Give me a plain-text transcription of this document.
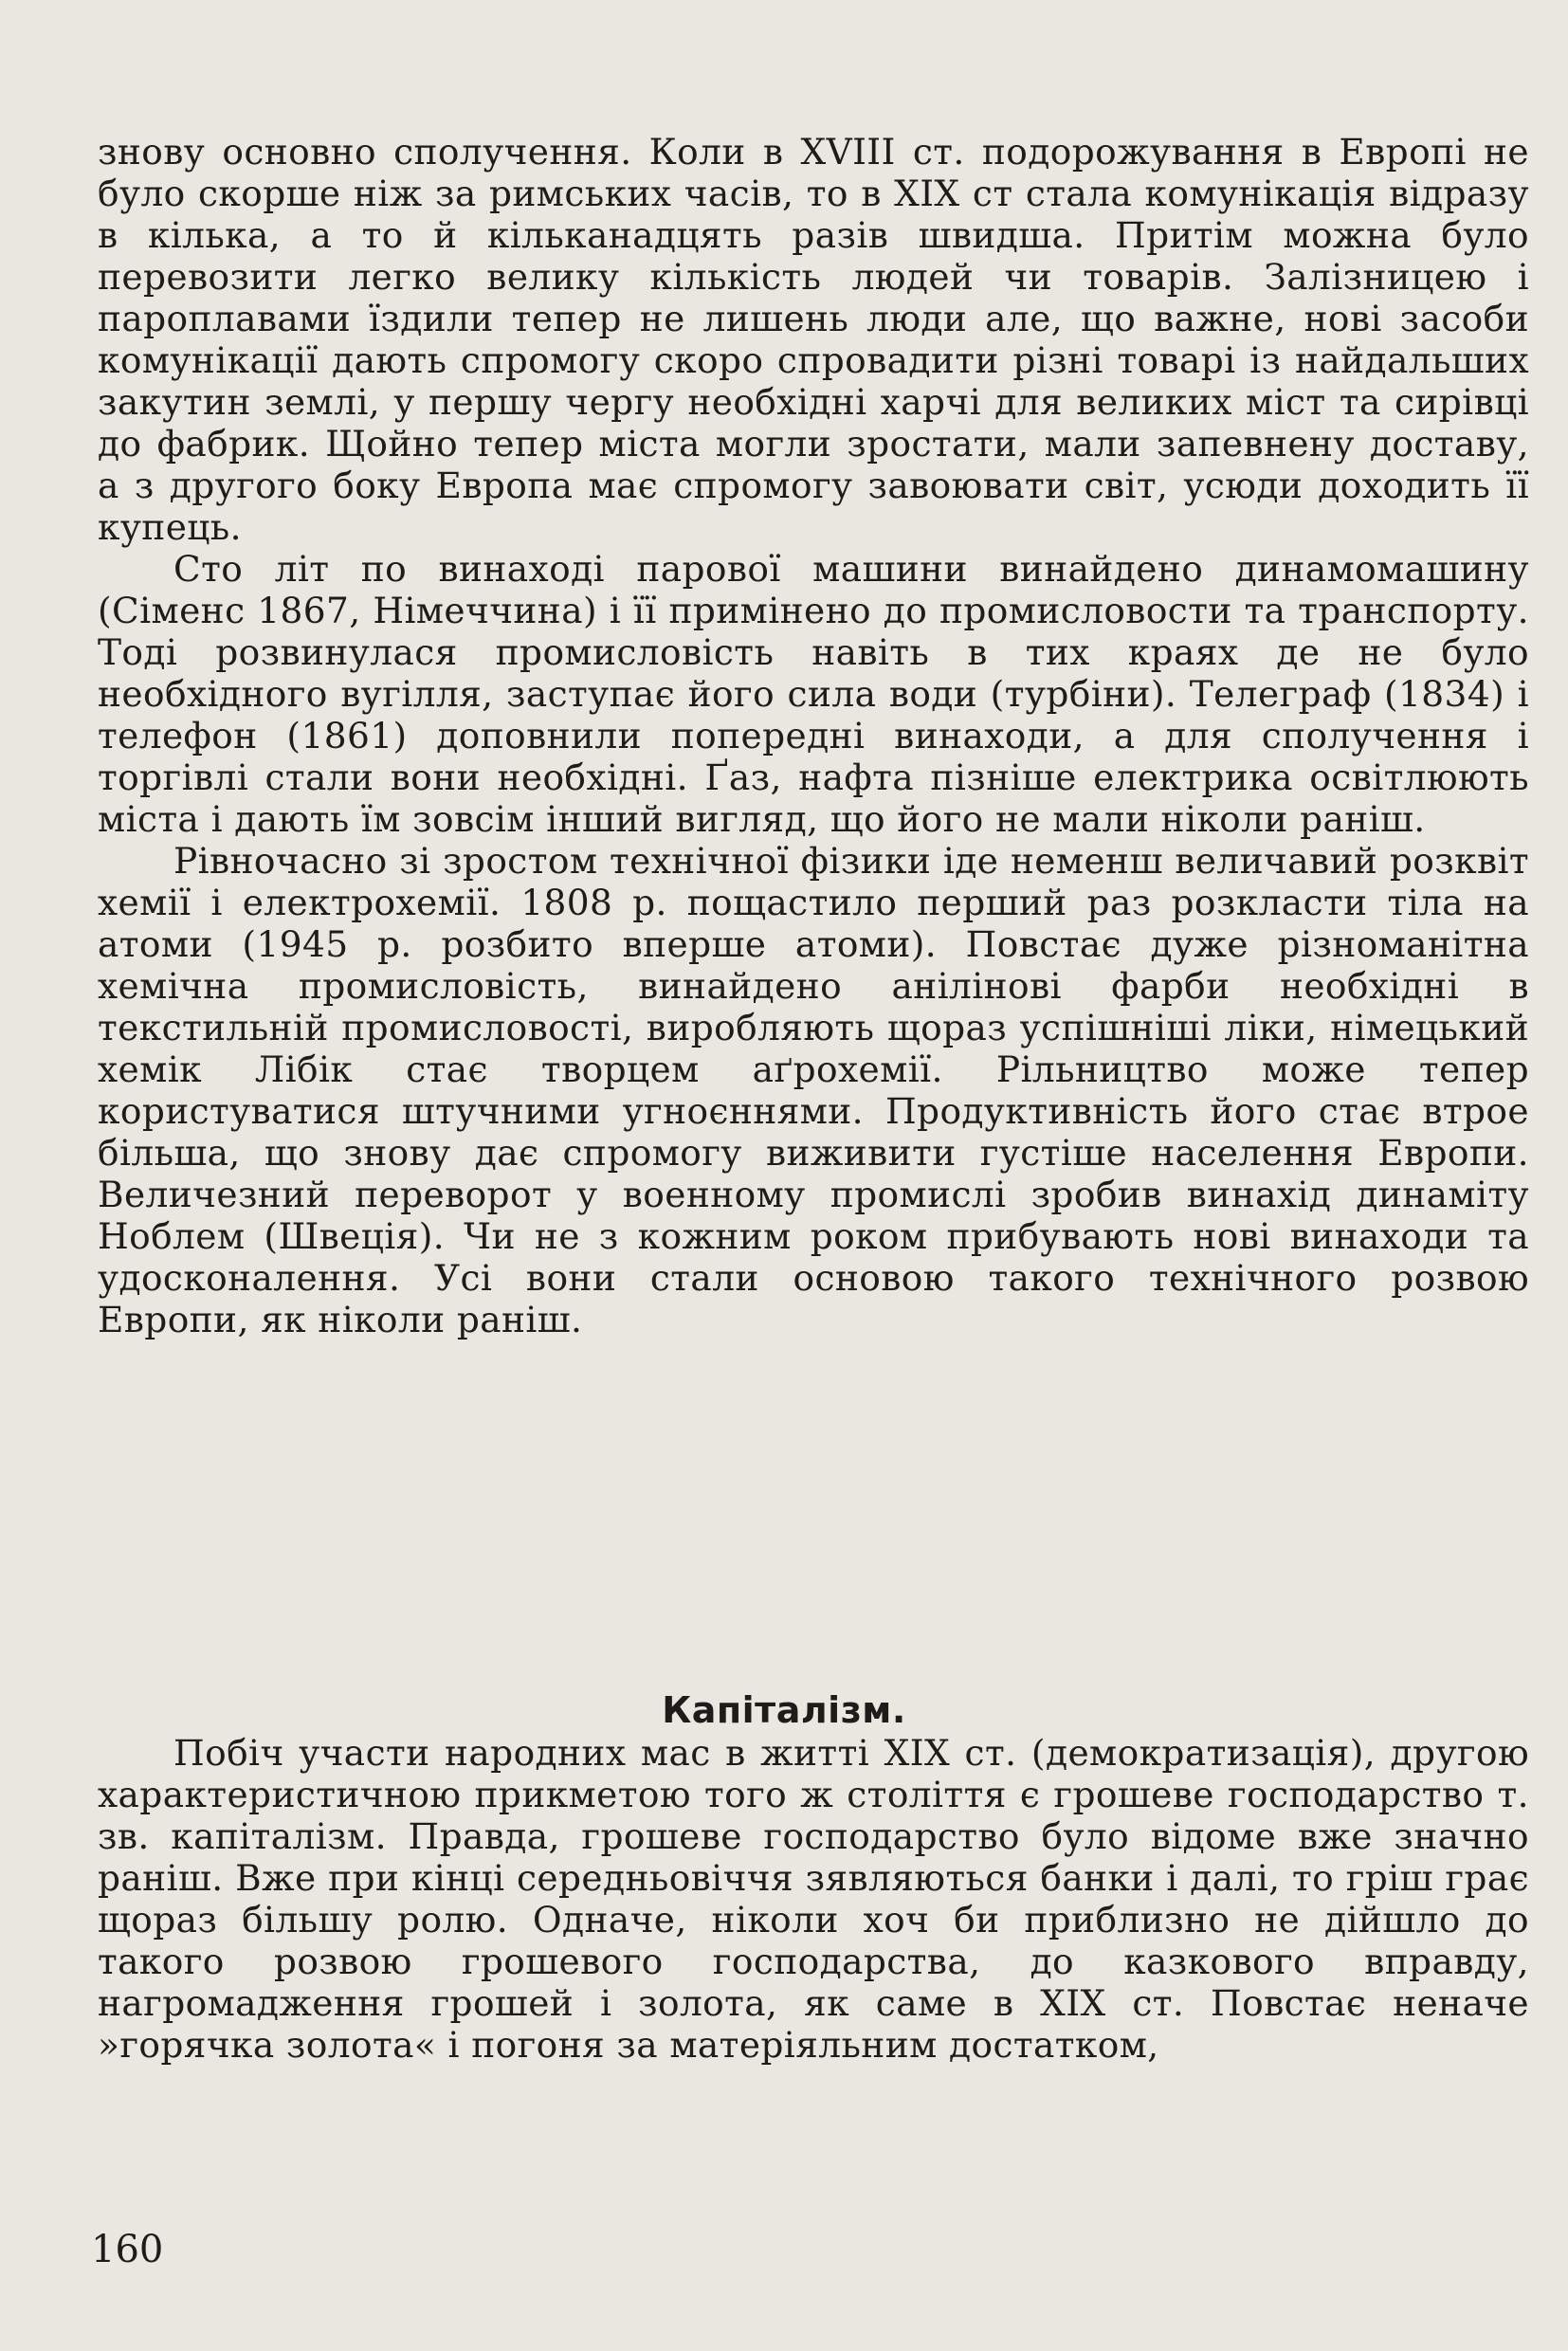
знову основно сполучення. Коли в XVIII ст. подорожування в Европі не було скорше ніж за римських часів, то в XIX ст стала комунікація відразу в кілька, а то й кільканадцять разів швидша. Притім можна було перевозити легко велику кількість людей чи товарів. Залізницею і пароплавами їздили тепер не лишень люди але, що важне, нові засоби комунікації дають спромогу скоро спровадити різні товарі із найдальших закутин землі, у першу чергу необхідні харчі для великих міст та сирівці до фабрик. Щойно тепер міста могли зростати, мали запевнену доставу, а з другого боку Европа має спромогу завоювати світ, усюди доходить її купець.

Сто літ по винаході парової машини винайдено динамомашину (Сіменс 1867, Німеччина) і її примінено до промисловости та транспорту. Тоді розвинулася промисловість навіть в тих краях де не було необхідного вугілля, заступає його сила води (турбіни). Телеграф (1834) і телефон (1861) доповнили попередні винаходи, а для сполучення і торгівлі стали вони необхідні. Ґаз, нафта пізніше електрика освітлюють міста і дають їм зовсім інший вигляд, що його не мали ніколи раніш.

Рівночасно зі зростом технічної фізики іде неменш величавий розквіт хемії і електрохемії. 1808 р. пощастило перший раз розкласти тіла на атоми (1945 р. розбито вперше атоми). Повстає дуже різноманітна хемічна промисловість, винайдено анілінові фарби необхідні в текстильній промисловості, виробляють щораз успішніші ліки, німецький хемік Лібік стає творцем аґрохемії. Рільництво може тепер користуватися штучними угноєннями. Продуктивність його стає втрое більша, що знову дає спромогу виживити густіше населення Европи. Величезний переворот у военному промислі зробив винахід динаміту Ноблем (Швеція). Чи не з кожним роком прибувають нові винаходи та удосконалення. Усі вони стали основою такого технічного розвою Европи, як ніколи раніш.

Капіталізм.

Побіч участи народних мас в житті XIX ст. (демократизація), другою характеристичною прикметою того ж століття є грошеве господарство т. зв. капіталізм. Правда, грошеве господарство було відоме вже значно раніш. Вже при кінці середньовіччя зявляються банки і далі, то гріш грає щораз більшу ролю. Одначе, ніколи хоч би приблизно не дійшло до такого розвою грошевого господарства, до казкового вправду, нагромадження грошей і золота, як саме в XIX ст. Повстає неначе »горячка золота« і погоня за матеріяльним достатком,

160
